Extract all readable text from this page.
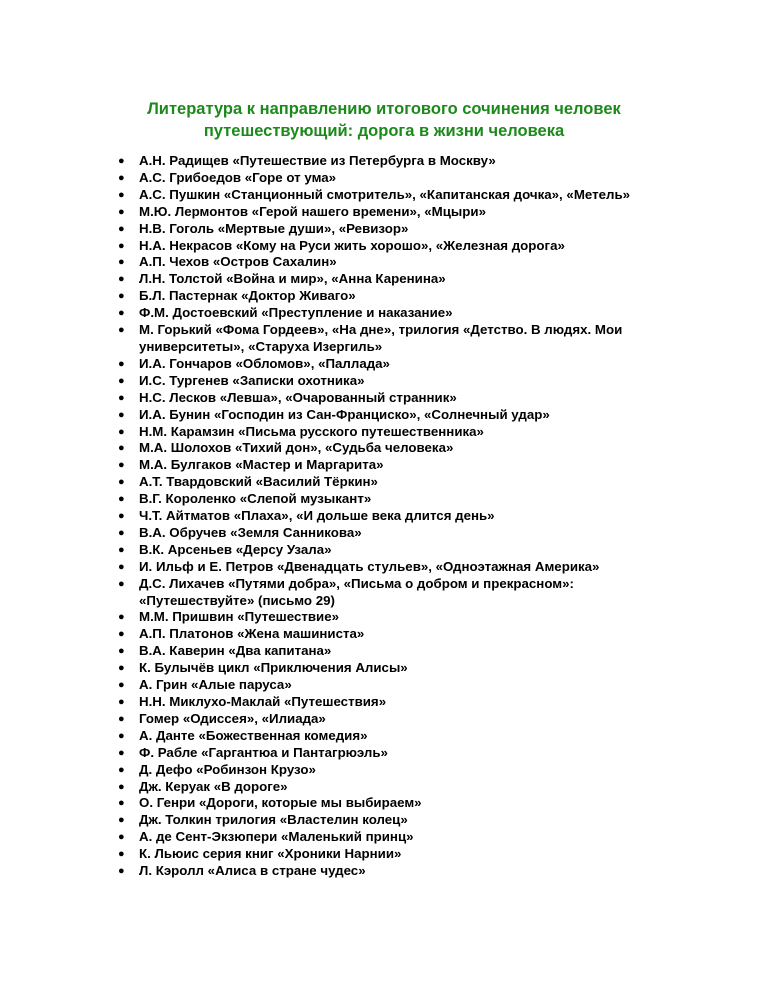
Литература к направлению итогового сочинения человек
путешествующий: дорога в жизни человека
● А.Н. Радищев «Путешествие из Петербурга в Москву»
● А.С. Грибоедов «Горе от ума»
● А.С. Пушкин «Станционный смотритель», «Капитанская дочка», «Метель»
● М.Ю. Лермонтов «Герой нашего времени», «Мцыри»
● Н.В. Гоголь «Мертвые души», «Ревизор»
● Н.А. Некрасов «Кому на Руси жить хорошо», «Железная дорога»
● А.П. Чехов «Остров Сахалин»
● Л.Н. Толстой «Война и мир», «Анна Каренина»
● Б.Л. Пастернак «Доктор Живаго»
● Ф.М. Достоевский «Преступление и наказание»
● М. Горький «Фома Гордеев», «На дне», трилогия «Детство. В людях. Мои
университеты», «Старуха Изергиль»
● И.А. Гончаров «Обломов», «Паллада»
● И.С. Тургенев «Записки охотника»
● Н.С. Лесков «Левша», «Очарованный странник»
● И.А. Бунин «Господин из Сан-Франциско», «Солнечный удар»
● Н.М. Карамзин «Письма русского путешественника»
● М.А. Шолохов «Тихий дон», «Судьба человека»
● М.А. Булгаков «Мастер и Маргарита»
● А.Т. Твардовский «Василий Тёркин»
● В.Г. Короленко «Слепой музыкант»
● Ч.Т. Айтматов «Плаха», «И дольше века длится день»
● В.А. Обручев «Земля Санникова»
● В.К. Арсеньев «Дерсу Узала»
● И. Ильф и Е. Петров «Двенадцать стульев», «Одноэтажная Америка»
● Д.С. Лихачев «Путями добра», «Письма о добром и прекрасном»:
«Путешествуйте» (письмо 29)
● М.М. Пришвин «Путешествие»
● А.П. Платонов «Жена машиниста»
● В.А. Каверин «Два капитана»
● К. Булычёв цикл «Приключения Алисы»
● А. Грин «Алые паруса»
● Н.Н. Миклухо-Маклай «Путешествия»
● Гомер «Одиссея», «Илиада»
● А. Данте «Божественная комедия»
● Ф. Рабле «Гаргантюа и Пантагрюэль»
● Д. Дефо «Робинзон Крузо»
● Дж. Керуак «В дороге»
● О. Генри «Дороги, которые мы выбираем»
● Дж. Толкин трилогия «Властелин колец»
● А. де Сент-Экзюпери «Маленький принц»
● К. Льюис серия книг «Хроники Нарнии»
● Л. Кэролл «Алиса в стране чудес»
